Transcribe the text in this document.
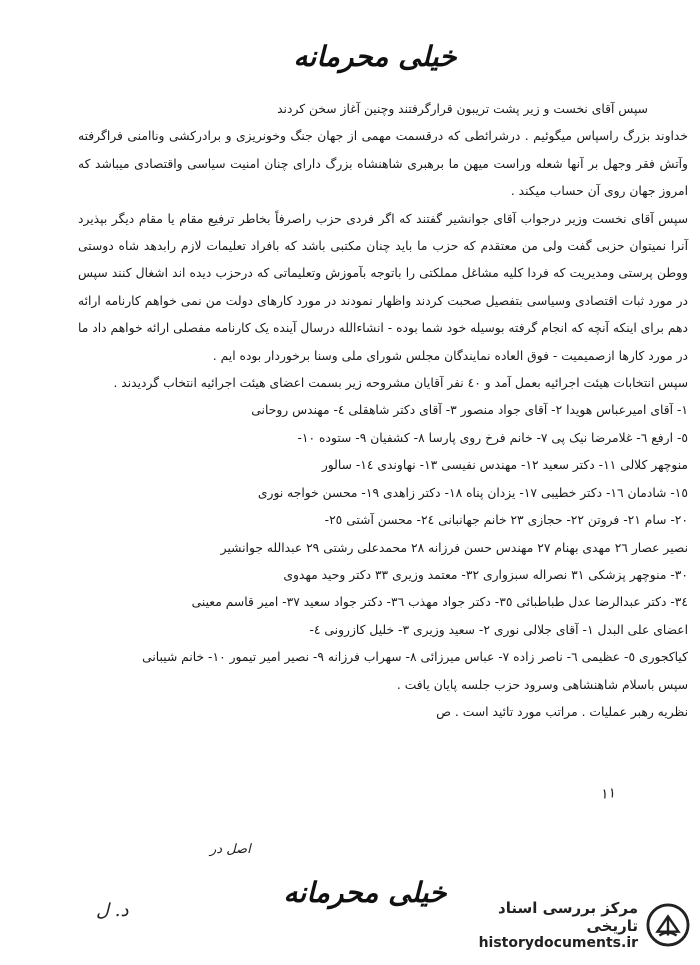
خیلی محرمانه

سپس آقای نخست و زیر پشت تریبون قرارگرفتند وچنین آغاز سخن کردند

خداوند بزرگ راسپاس میگوئیم . درشرائطی که درقسمت مهمی از جهان جنگ وخونریزی و برادرکشی وناامنی فراگرفته وآتش فقر وجهل بر آنها شعله وراست میهن ما برهبری شاهنشاه بزرگ دارای چنان امنیت سیاسی واقتصادی میباشد که امروز جهان روی آن حساب میکند .

سپس آقای نخست وزیر درجواب آقای جوانشیر گفتند که اگر فردی حزب راصرفاً بخاطر ترفیع مقام یا مقام دیگر بپذیرد آنرا نمیتوان حزبی گفت ولی من معتقدم که حزب ما باید چنان مکتبی باشد که بافراد تعلیمات لازم رابدهد شاه دوستی ووطن پرستی ومدیریت که فردا کلیه مشاغل مملکتی را باتوجه بآموزش وتعلیماتی که درحزب دیده اند اشغال کنند سپس در مورد ثبات اقتصادی وسیاسی بتفصیل صحبت کردند واظهار نمودند در مورد کارهای دولت من نمی خواهم کارنامه ارائه دهم برای اینکه آنچه که انجام گرفته بوسیله خود شما بوده - انشاءالله درسال آینده یک کارنامه مفصلی ارائه خواهم داد ما در مورد کارها ازصمیمیت - فوق العاده نمایندگان مجلس شورای ملی وسنا برخوردار بوده ایم .

سپس انتخابات هیئت اجرائیه بعمل آمد و ٤٠ نفر آقایان مشروحه زیر بسمت اعضای هیئت اجرائیه انتخاب گردیدند .

١- آقای امیرعباس هویدا ٢- آقای جواد منصور ٣- آقای دکتر شاهقلی ٤- مهندس روحانی
٥- ارفع ٦- غلامرضا نیک پی ٧- خانم فرخ روی پارسا ٨- کشفیان ٩- ستوده ١٠-
منوچهر کلالی ١١- دکتر سعید ١٢- مهندس نفیسی ١٣- نهاوندی ١٤- سالور
١٥- شادمان ١٦- دکتر خطیبی ١٧- یزدان پناه ١٨- دکتر زاهدی ١٩- محسن خواجه نوری
٢٠- سام ٢١- فروتن ٢٢- حجازی ٢٣ خانم جهانبانی ٢٤- محسن آشتی ٢٥-
نصیر عصار ٢٦ مهدی بهنام ٢٧ مهندس حسن فرزانه ٢٨ محمدعلی رشتی ٢٩ عبدالله جوانشیر
٣٠- منوچهر پزشکی ٣١ نصراله سبزواری ٣٢- معتمد وزیری ٣٣ دکتر وحید مهدوی
٣٤- دکتر عبدالرضا عدل طباطبائی ٣٥- دکتر جواد مهذب ٣٦- دکتر جواد سعید ٣٧- امیر قاسم معینی
اعضای علی البدل ١- آقای جلالی نوری ٢- سعید وزیری ٣- خلیل کازرونی ٤-
کیاکجوری ٥- عظیمی ٦- ناصر زاده ٧- عباس میرزائی ٨- سهراب فرزانه ٩- نصیر امیر تیمور ١٠- خانم شیبانی

سپس باسلام شاهنشاهی وسرود حزب جلسه پایان یافت .

نظریه رهبر عملیات . مراتب مورد تائید است . ص

اصل در
د. ل
١١
خیلی محرمانه	مرکز بررسی اسناد تاریخی
historydocuments.ir
